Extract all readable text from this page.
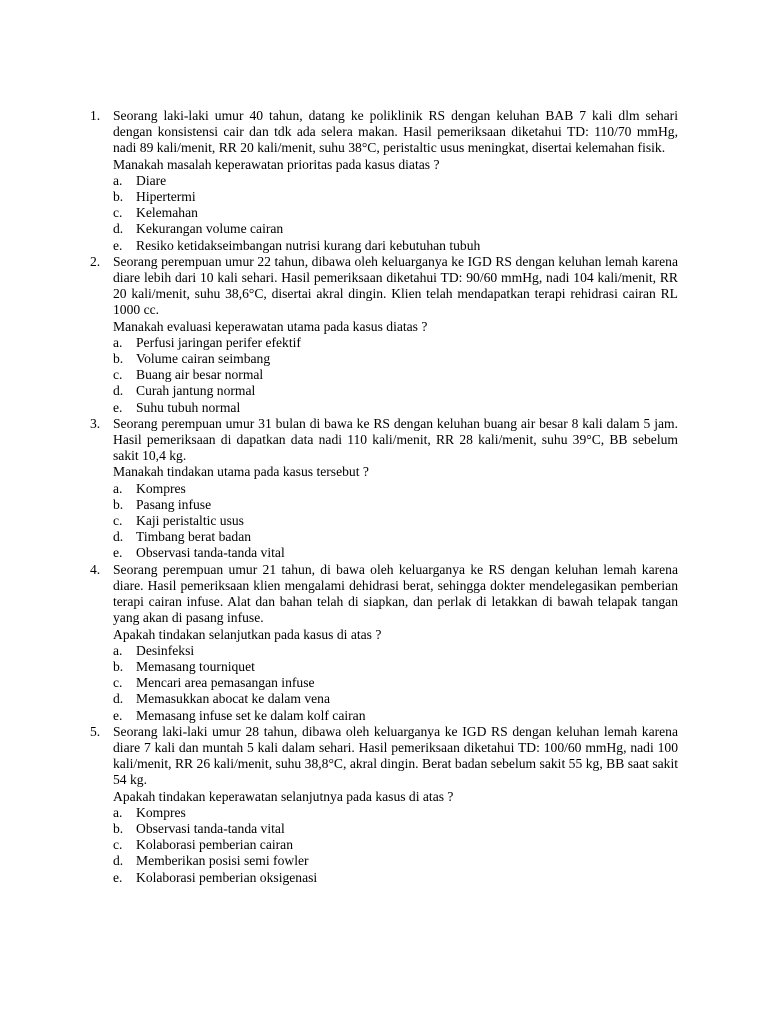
1. Seorang laki-laki umur 40 tahun, datang ke poliklinik RS dengan keluhan BAB 7 kali dlm sehari dengan konsistensi cair dan tdk ada selera makan. Hasil pemeriksaan diketahui TD: 110/70 mmHg, nadi 89 kali/menit, RR 20 kali/menit, suhu 38°C, peristaltic usus meningkat, disertai kelemahan fisik.
Manakah masalah keperawatan prioritas pada kasus diatas ?
a. Diare
b. Hipertermi
c. Kelemahan
d. Kekurangan volume cairan
e. Resiko ketidakseimbangan nutrisi kurang dari kebutuhan tubuh
2. Seorang perempuan umur 22 tahun, dibawa oleh keluarganya ke IGD RS dengan keluhan lemah karena diare lebih dari 10 kali sehari. Hasil pemeriksaan diketahui TD: 90/60 mmHg, nadi 104 kali/menit, RR 20 kali/menit, suhu 38,6°C, disertai akral dingin. Klien telah mendapatkan terapi rehidrasi cairan RL 1000 cc.
Manakah evaluasi keperawatan utama pada kasus diatas ?
a. Perfusi jaringan perifer efektif
b. Volume cairan seimbang
c. Buang air besar normal
d. Curah jantung normal
e. Suhu tubuh normal
3. Seorang perempuan umur 31 bulan di bawa ke RS dengan keluhan buang air besar 8 kali dalam 5 jam. Hasil pemeriksaan di dapatkan data nadi 110 kali/menit, RR 28 kali/menit, suhu 39°C, BB sebelum sakit 10,4 kg.
Manakah tindakan utama pada kasus tersebut ?
a. Kompres
b. Pasang infuse
c. Kaji peristaltic usus
d. Timbang berat badan
e. Observasi tanda-tanda vital
4. Seorang perempuan umur 21 tahun, di bawa oleh keluarganya ke RS dengan keluhan lemah karena diare. Hasil pemeriksaan klien mengalami dehidrasi berat, sehingga dokter mendelegasikan pemberian terapi cairan infuse. Alat dan bahan telah di siapkan, dan perlak di letakkan di bawah telapak tangan yang akan di pasang infuse.
Apakah tindakan selanjutkan pada kasus di atas ?
a. Desinfeksi
b. Memasang tourniquet
c. Mencari area pemasangan infuse
d. Memasukkan abocat ke dalam vena
e. Memasang infuse set ke dalam kolf cairan
5. Seorang laki-laki umur 28 tahun, dibawa oleh keluarganya ke IGD RS dengan keluhan lemah karena diare 7 kali dan muntah 5 kali dalam sehari. Hasil pemeriksaan diketahui TD: 100/60 mmHg, nadi 100 kali/menit, RR 26 kali/menit, suhu 38,8°C, akral dingin. Berat badan sebelum sakit 55 kg, BB saat sakit 54 kg.
Apakah tindakan keperawatan selanjutnya pada kasus di atas ?
a. Kompres
b. Observasi tanda-tanda vital
c. Kolaborasi pemberian cairan
d. Memberikan posisi semi fowler
e. Kolaborasi pemberian oksigenasi
